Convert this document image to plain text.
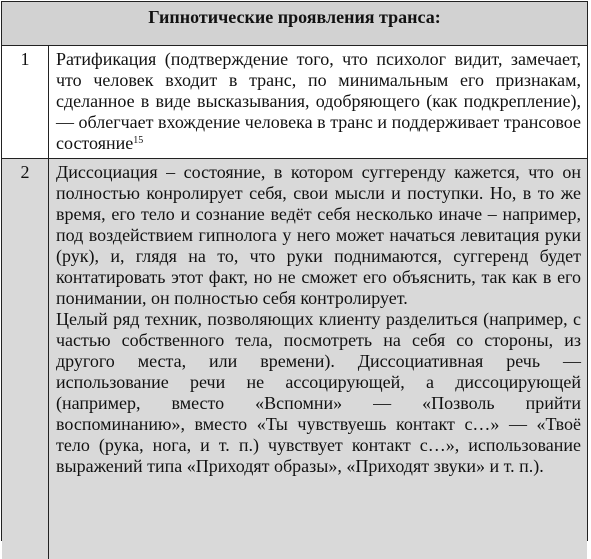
Гипнотические проявления транса:
1	Ратификация (подтверждение того, что психолог видит, замечает, что человек входит в транс, по минимальным его признакам, сделанное в виде высказывания, одобряющего (как подкрепление), — облегчает вхождение человека в транс и поддерживает трансовое состояние$^{15}$
2	Диссоциация – состояние, в котором суггеренду кажется, что он полностью конролирует себя, свои мысли и поступки. Но, в то же время, его тело и сознание ведёт себя несколько иначе – например, под воздействием гипнолога у него может начаться левитация руки (рук), и, глядя на то, что руки поднимаются, суггеренд будет контатировать этот факт, но не сможет его объяснить, так как в его понимании, он полностью себя контролирует.

Целый ряд техник, позволяющих клиенту разделиться (например, с частью собственного тела, посмотреть на себя со стороны, из другого места, или времени). Диссоциативная речь — использование речи не ассоцирующей, а диссоцирующей (например, вместо «Вспомни» — «Позволь прийти воспоминанию», вместо «Ты чувствуешь контакт с…» — «Твоё тело (рука, нога, и т. п.) чувствует контакт с…», использование выражений типа «Приходят образы», «Приходят звуки» и т. п.).
